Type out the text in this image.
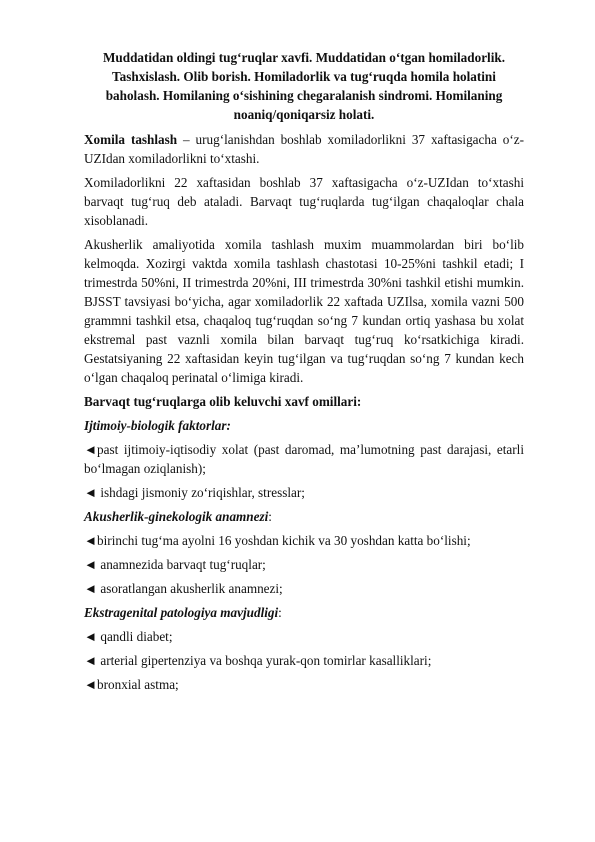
Muddatidan oldingi tug‘ruqlar xavfi. Muddatidan o‘tgan homiladorlik. Tashxislash. Olib borish. Homiladorlik va tug‘ruqda homila holatini baholash. Homilaning o‘sishining chegaralanish sindromi. Homilaning noaniq/qoniqarsiz holati.

Xomila tashlash – urug‘lanishdan boshlab xomiladorlikni 37 xaftasigacha o‘z-UZIdan xomiladorlikni to‘xtashi.

Xomiladorlikni 22 xaftasidan boshlab 37 xaftasigacha o‘z-UZIdan to‘xtashi barvaqt tug‘ruq deb ataladi. Barvaqt tug‘ruqlarda tug‘ilgan chaqaloqlar chala xisoblanadi.

Akusherlik amaliyotida xomila tashlash muxim muammolardan biri bo‘lib kelmoqda. Xozirgi vaktda xomila tashlash chastotasi 10-25%ni tashkil etadi; I trimestrda 50%ni, II trimestrda 20%ni, III trimestrda 30%ni tashkil etishi mumkin. BJSST tavsiyasi bo‘yicha, agar xomiladorlik 22 xaftada UZIlsa, xomila vazni 500 grammni tashkil etsa, chaqaloq tug‘ruqdan so‘ng 7 kundan ortiq yashasa bu xolat ekstremal past vaznli xomila bilan barvaqt tug‘ruq ko‘rsatkichiga kiradi. Gestatsiyaning 22 xaftasidan keyin tug‘ilgan va tug‘ruqdan so‘ng 7 kundan kech o‘lgan chaqaloq perinatal o‘limiga kiradi.

Barvaqt tug‘ruqlarga olib keluvchi xavf omillari:

Ijtimoiy-biologik faktorlar:

◄past ijtimoiy-iqtisodiy xolat (past daromad, ma’lumotning past darajasi, etarli bo‘lmagan oziqlanish);

◄ ishdagi jismoniy zo‘riqishlar, stresslar;

Akusherlik-ginekologik anamnezi:

◄birinchi tug‘ma ayolni 16 yoshdan kichik va 30 yoshdan katta bo‘lishi;

◄ anamnezida barvaqt tug‘ruqlar;

◄ asoratlangan akusherlik anamnezi;

Ekstragenital patologiya mavjudligi:

◄ qandli diabet;

◄ arterial gipertenziya va boshqa yurak-qon tomirlar kasalliklari;

◄bronxial astma;
